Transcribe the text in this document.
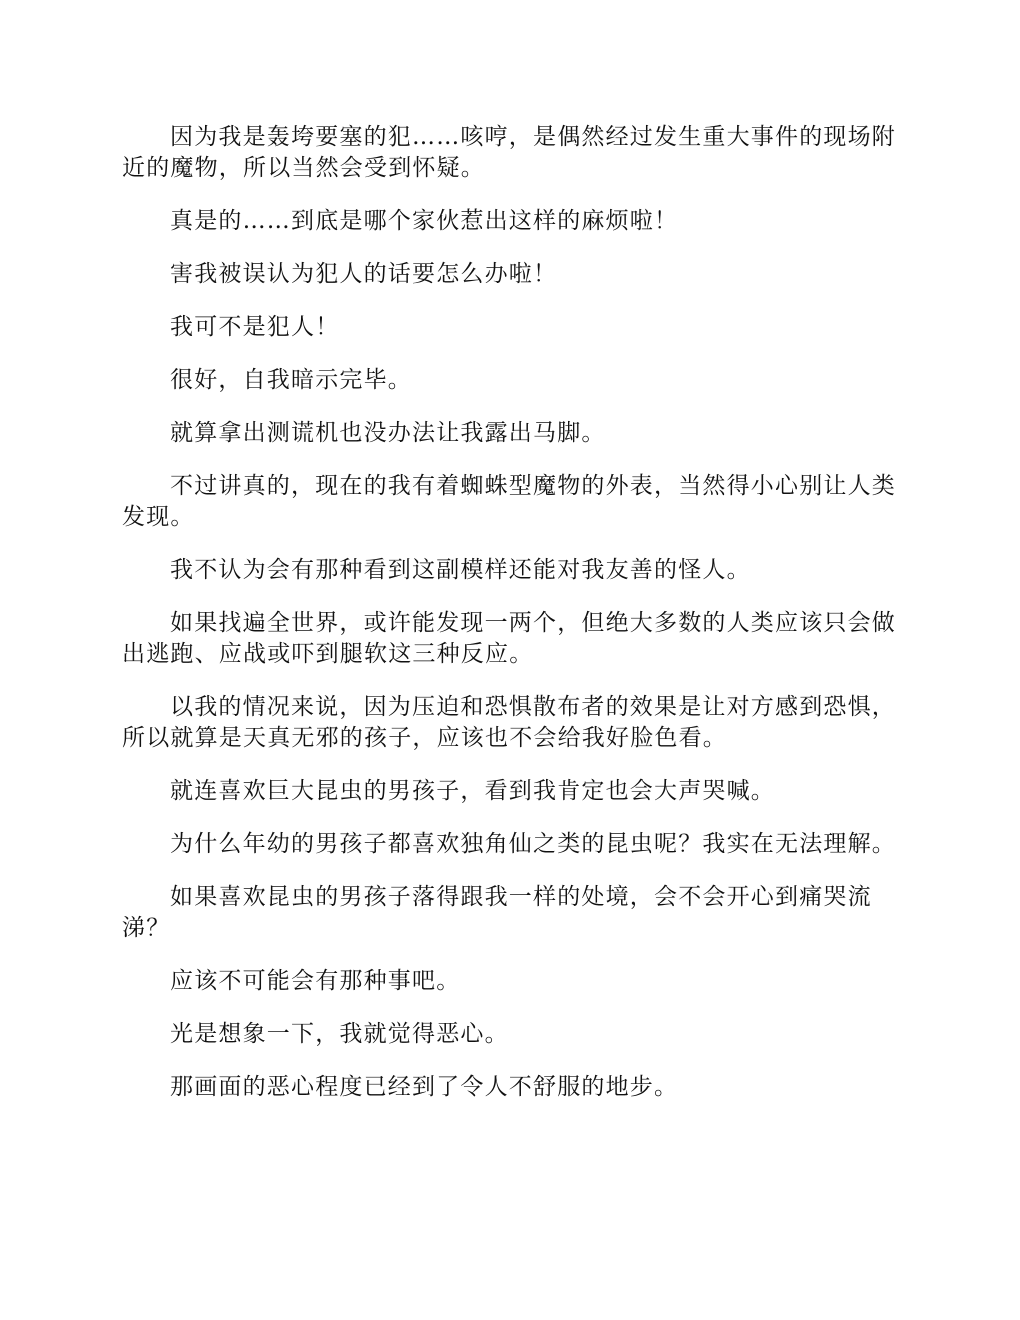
因为我是轰垮要塞的犯……咳哼，是偶然经过发生重大事件的现场附近的魔物，所以当然会受到怀疑。

真是的……到底是哪个家伙惹出这样的麻烦啦！

害我被误认为犯人的话要怎么办啦！

我可不是犯人！

很好，自我暗示完毕。

就算拿出测谎机也没办法让我露出马脚。

不过讲真的，现在的我有着蜘蛛型魔物的外表，当然得小心别让人类发现。

我不认为会有那种看到这副模样还能对我友善的怪人。

如果找遍全世界，或许能发现一两个，但绝大多数的人类应该只会做出逃跑、应战或吓到腿软这三种反应。

以我的情况来说，因为压迫和恐惧散布者的效果是让对方感到恐惧，所以就算是天真无邪的孩子，应该也不会给我好脸色看。

就连喜欢巨大昆虫的男孩子，看到我肯定也会大声哭喊。

为什么年幼的男孩子都喜欢独角仙之类的昆虫呢？我实在无法理解。

如果喜欢昆虫的男孩子落得跟我一样的处境，会不会开心到痛哭流涕？

应该不可能会有那种事吧。

光是想象一下，我就觉得恶心。

那画面的恶心程度已经到了令人不舒服的地步。
